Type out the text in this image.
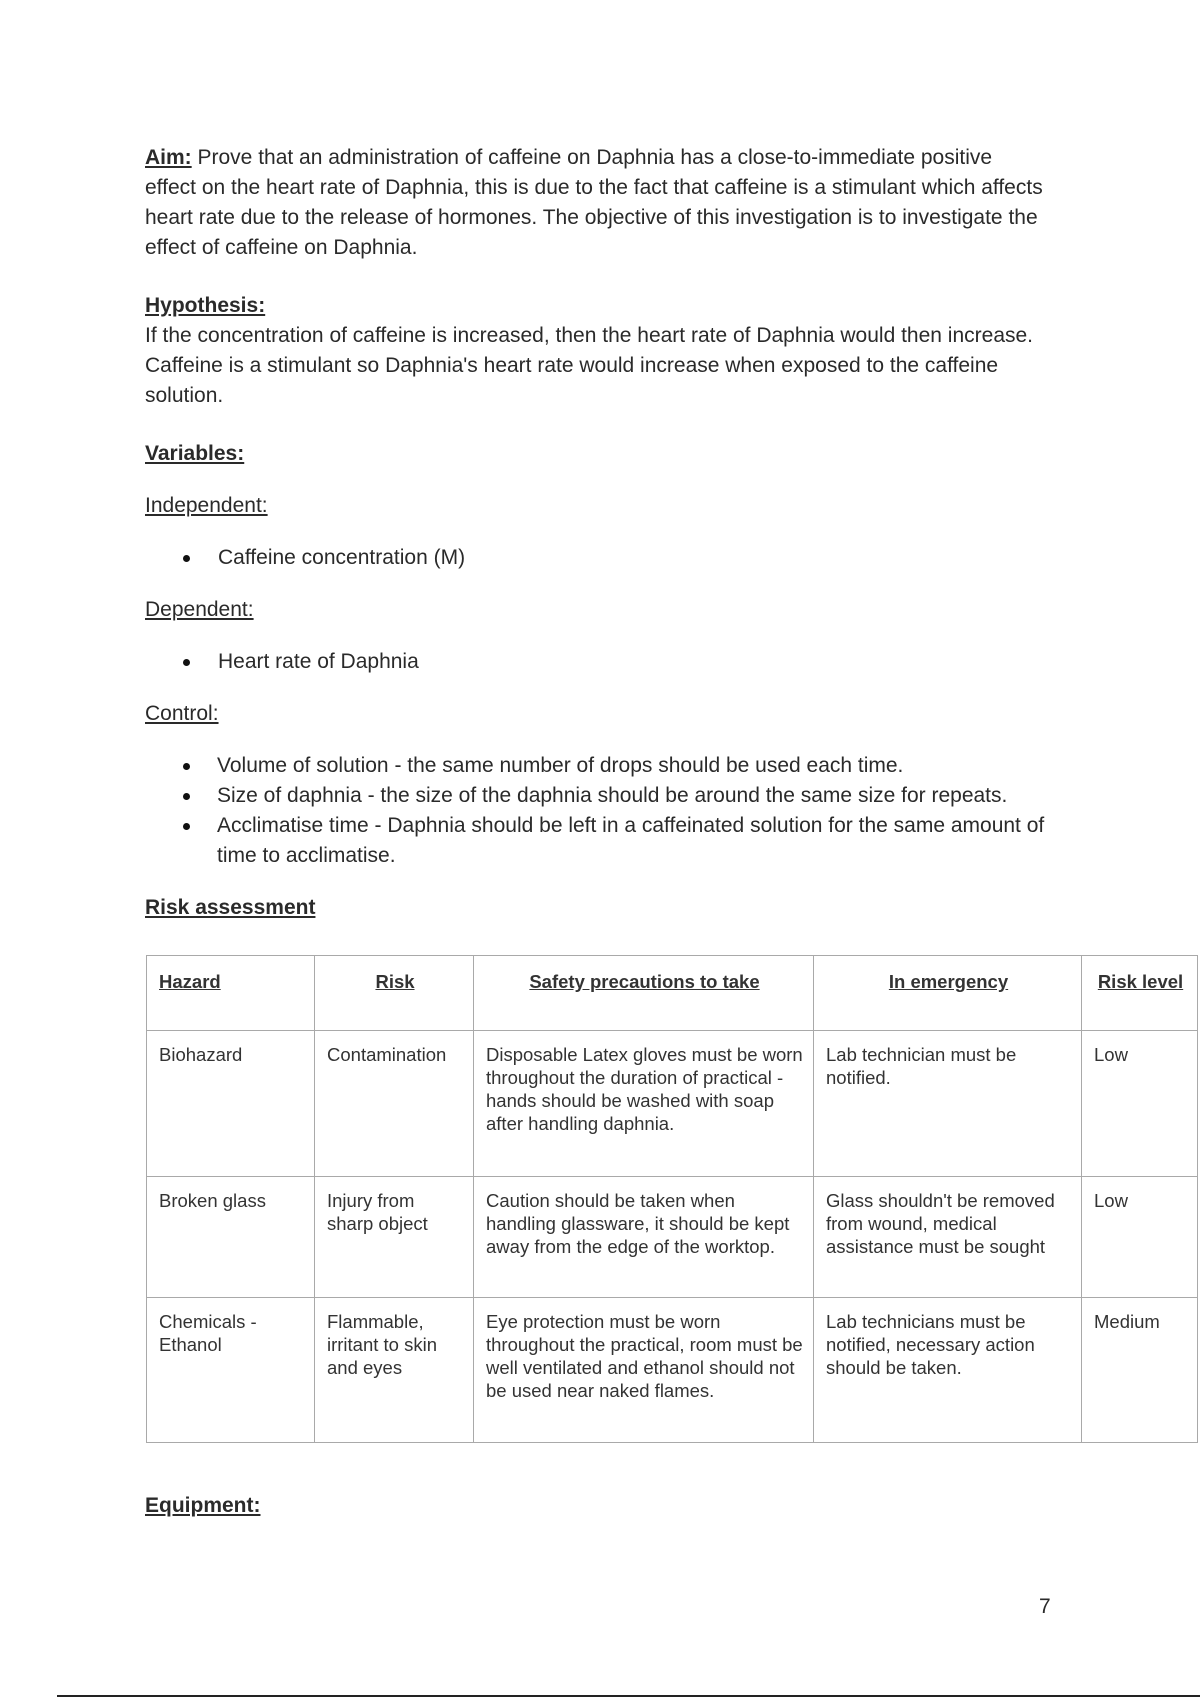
Aim: Prove that an administration of caffeine on Daphnia has a close-to-immediate positive effect on the heart rate of Daphnia, this is due to the fact that caffeine is a stimulant which affects heart rate due to the release of hormones. The objective of this investigation is to investigate the effect of caffeine on Daphnia.

Hypothesis:

If the concentration of caffeine is increased, then the heart rate of Daphnia would then increase. Caffeine is a stimulant so Daphnia's heart rate would increase when exposed to the caffeine solution.

Variables:

Independent:

Caffeine concentration (M)

Dependent:

Heart rate of Daphnia

Control:

Volume of solution - the same number of drops should be used each time.
Size of daphnia - the size of the daphnia should be around the same size for repeats.
Acclimatise time - Daphnia should be left in a caffeinated solution for the same amount of time to acclimatise.

Risk assessment

Hazard	Risk	Safety precautions to take	In emergency	Risk level
Biohazard	Contamination	Disposable Latex gloves must be worn throughout the duration of practical - hands should be washed with soap after handling daphnia.	Lab technician must be notified.	Low
Broken glass	Injury from sharp object	Caution should be taken when handling glassware, it should be kept away from the edge of the worktop.	Glass shouldn't be removed from wound, medical assistance must be sought	Low
Chemicals - Ethanol	Flammable, irritant to skin and eyes	Eye protection must be worn throughout the practical, room must be well ventilated and ethanol should not be used near naked flames.	Lab technicians must be notified, necessary action should be taken.	Medium

Equipment:

7
